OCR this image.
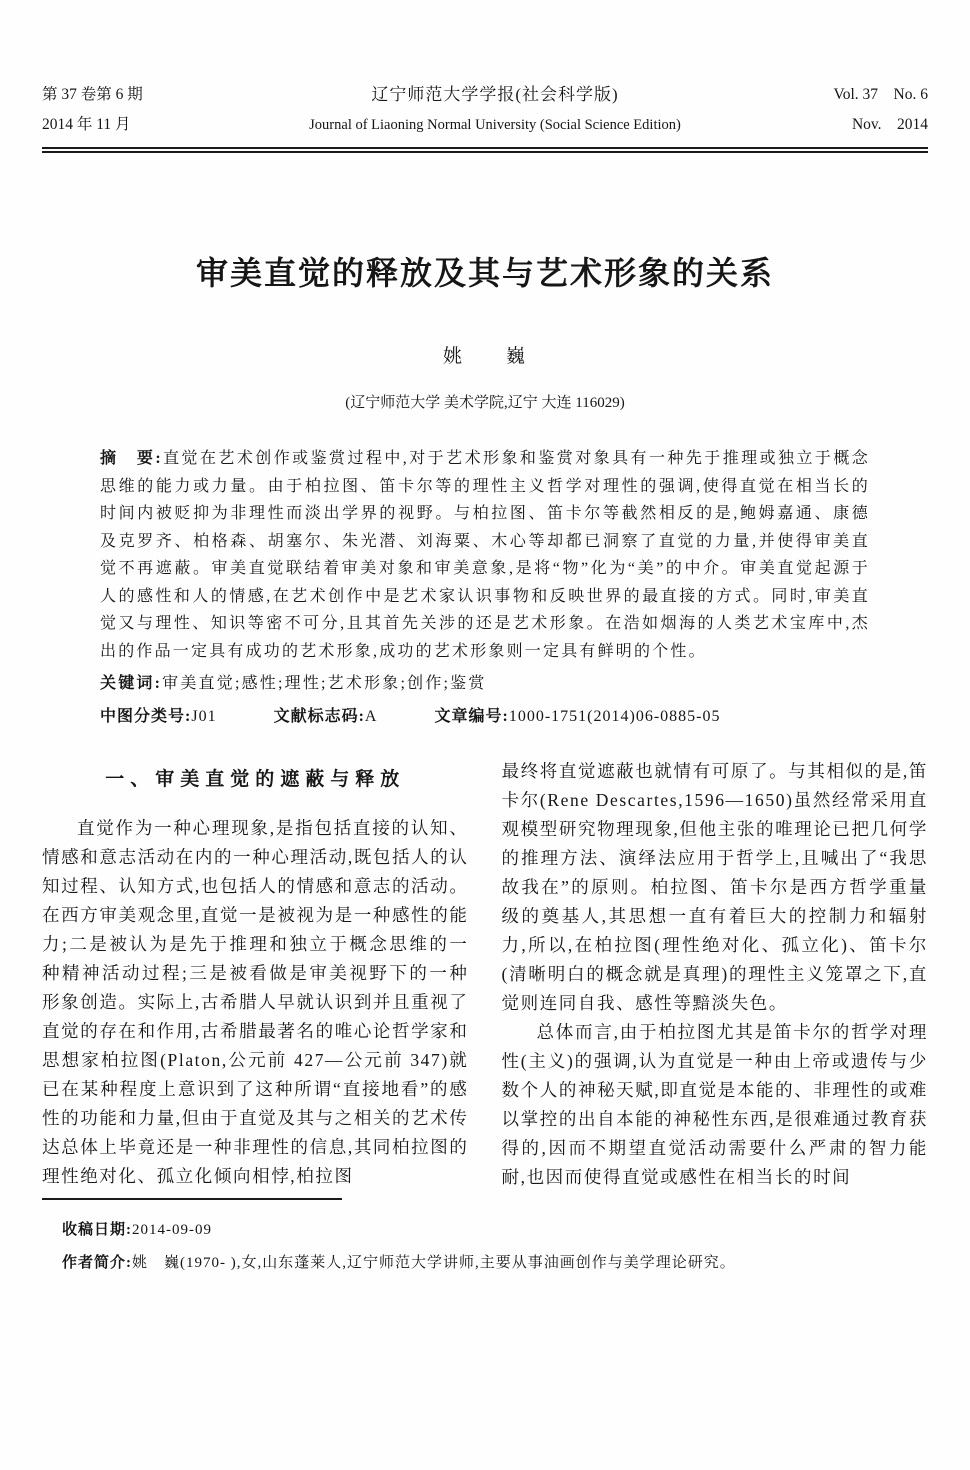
第 37 卷第 6 期
2014 年 11 月
辽宁师范大学学报(社会科学版)
Journal of Liaoning Normal University (Social Science Edition)
Vol. 37  No. 6
Nov.  2014
审美直觉的释放及其与艺术形象的关系
姚　　巍
(辽宁师范大学 美术学院,辽宁 大连 116029)

摘　要:直觉在艺术创作或鉴赏过程中,对于艺术形象和鉴赏对象具有一种先于推理或独立于概念思维的能力或力量。由于柏拉图、笛卡尔等的理性主义哲学对理性的强调,使得直觉在相当长的时间内被贬抑为非理性而淡出学界的视野。与柏拉图、笛卡尔等截然相反的是,鲍姆嘉通、康德及克罗齐、柏格森、胡塞尔、朱光潜、刘海粟、木心等却都已洞察了直觉的力量,并使得审美直觉不再遮蔽。审美直觉联结着审美对象和审美意象,是将“物”化为“美”的中介。审美直觉起源于人的感性和人的情感,在艺术创作中是艺术家认识事物和反映世界的最直接的方式。同时,审美直觉又与理性、知识等密不可分,且其首先关涉的还是艺术形象。在浩如烟海的人类艺术宝库中,杰出的作品一定具有成功的艺术形象,成功的艺术形象则一定具有鲜明的个性。

关键词:审美直觉;感性;理性;艺术形象;创作;鉴赏

中图分类号:J01	文献标志码:A	文章编号:1000-1751(2014)06-0885-05

一、审美直觉的遮蔽与释放

直觉作为一种心理现象,是指包括直接的认知、情感和意志活动在内的一种心理活动,既包括人的认知过程、认知方式,也包括人的情感和意志的活动。在西方审美观念里,直觉一是被视为是一种感性的能力;二是被认为是先于推理和独立于概念思维的一种精神活动过程;三是被看做是审美视野下的一种形象创造。实际上,古希腊人早就认识到并且重视了直觉的存在和作用,古希腊最著名的唯心论哲学家和思想家柏拉图(Platon,公元前 427—公元前 347)就已在某种程度上意识到了这种所谓“直接地看”的感性的功能和力量,但由于直觉及其与之相关的艺术传达总体上毕竟还是一种非理性的信息,其同柏拉图的理性绝对化、孤立化倾向相悖,柏拉图

最终将直觉遮蔽也就情有可原了。与其相似的是,笛卡尔(Rene Descartes,1596—1650)虽然经常采用直观模型研究物理现象,但他主张的唯理论已把几何学的推理方法、演绎法应用于哲学上,且喊出了“我思故我在”的原则。柏拉图、笛卡尔是西方哲学重量级的奠基人,其思想一直有着巨大的控制力和辐射力,所以,在柏拉图(理性绝对化、孤立化)、笛卡尔(清晰明白的概念就是真理)的理性主义笼罩之下,直觉则连同自我、感性等黯淡失色。

总体而言,由于柏拉图尤其是笛卡尔的哲学对理性(主义)的强调,认为直觉是一种由上帝或遗传与少数个人的神秘天赋,即直觉是本能的、非理性的或难以掌控的出自本能的神秘性东西,是很难通过教育获得的,因而不期望直觉活动需要什么严肃的智力能耐,也因而使得直觉或感性在相当长的时间

收稿日期:2014-09-09

作者简介:姚　巍(1970- ),女,山东蓬莱人,辽宁师范大学讲师,主要从事油画创作与美学理论研究。
